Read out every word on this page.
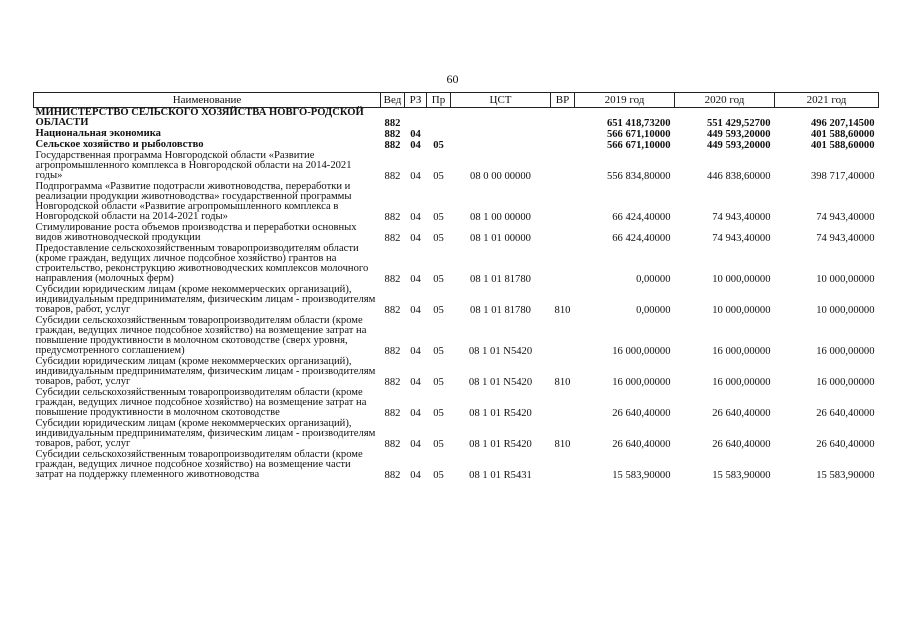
60
Наименование	Вед	РЗ	Пр	ЦСТ	ВР	2019 год	2020 год	2021 год
МИНИСТЕРСТВО СЕЛЬСКОГО ХОЗЯЙСТВА НОВГО-РОДСКОЙ ОБЛАСТИ	882					651 418,73200	551 429,52700	496 207,14500
Национальная экономика	882	04				566 671,10000	449 593,20000	401 588,60000
Сельское хозяйство и рыболовство	882	04	05			566 671,10000	449 593,20000	401 588,60000
Государственная программа Новгородской области «Развитие агропромышленного комплекса в Новгородской области на 2014-2021 годы»	882	04	05	08 0 00 00000		556 834,80000	446 838,60000	398 717,40000
Подпрограмма «Развитие подотрасли животноводства, переработки и реализации продукции животноводства» государственной программы Новгородской области «Развитие агропромышленного комплекса в Новгородской области на 2014-2021 годы»	882	04	05	08 1 00 00000		66 424,40000	74 943,40000	74 943,40000
Стимулирование роста объемов производства и переработки основных видов животноводческой продукции	882	04	05	08 1 01 00000		66 424,40000	74 943,40000	74 943,40000
Предоставление сельскохозяйственным товаропроизводителям области (кроме граждан, ведущих личное подсобное хозяйство) грантов на строительство, реконструкцию животноводческих комплексов молочного направления (молочных ферм)	882	04	05	08 1 01 81780		0,00000	10 000,00000	10 000,00000
Субсидии юридическим лицам (кроме некоммерческих организаций), индивидуальным предпринимателям, физическим лицам - производителям товаров, работ, услуг	882	04	05	08 1 01 81780	810	0,00000	10 000,00000	10 000,00000
Субсидии сельскохозяйственным товаропроизводителям области (кроме граждан, ведущих личное подсобное хозяйство) на возмещение затрат на повышение продуктивности в молочном скотоводстве (сверх уровня, предусмотренного соглашением)	882	04	05	08 1 01 N5420		16 000,00000	16 000,00000	16 000,00000
Субсидии юридическим лицам (кроме некоммерческих организаций), индивидуальным предпринимателям, физическим лицам - производителям товаров, работ, услуг	882	04	05	08 1 01 N5420	810	16 000,00000	16 000,00000	16 000,00000
Субсидии сельскохозяйственным товаропроизводителям области (кроме граждан, ведущих личное подсобное хозяйство) на возмещение затрат на повышение продуктивности в молочном скотоводстве	882	04	05	08 1 01 R5420		26 640,40000	26 640,40000	26 640,40000
Субсидии юридическим лицам (кроме некоммерческих организаций), индивидуальным предпринимателям, физическим лицам - производителям товаров, работ, услуг	882	04	05	08 1 01 R5420	810	26 640,40000	26 640,40000	26 640,40000
Субсидии сельскохозяйственным товаропроизводителям области (кроме граждан, ведущих личное подсобное хозяйство) на возмещение части затрат на поддержку племенного животноводства	882	04	05	08 1 01 R5431		15 583,90000	15 583,90000	15 583,90000
